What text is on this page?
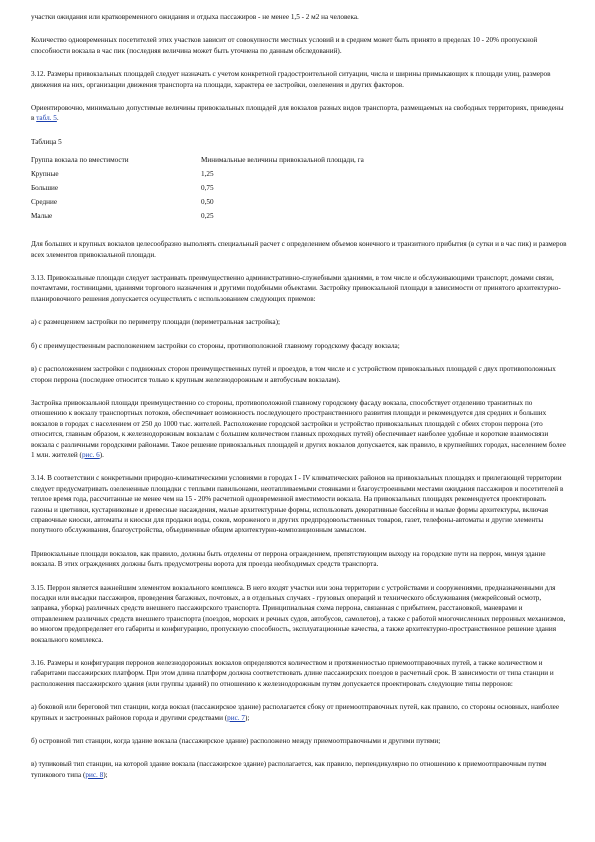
участки ожидания или кратковременного ожидания и отдыха пассажиров - не менее 1,5 - 2 м2 на человека.

Количество одновременных посетителей этих участков зависит от совокупности местных условий и в среднем может быть принято в пределах 10 - 20% пропускной способности вокзала в час пик (последняя величина может быть уточнена по данным обследований).

3.12. Размеры привокзальных площадей следует назначать с учетом конкретной градостроительной ситуации, числа и ширины примыкающих к площади улиц, размеров движения на них, организации движения транспорта на площади, характера ее застройки, озеленения и других факторов.

Ориентировочно, минимально допустимые величины привокзальных площадей для вокзалов разных видов транспорта, размещаемых на свободных территориях, приведены в табл. 5.

Таблица 5

Группа вокзала по вместимости	Минимальные величины привокзальной площади, га
Крупные	1,25
Большие	0,75
Средние	0,50
Малые	0,25

Для больших и крупных вокзалов целесообразно выполнять специальный расчет с определением объемов конечного и транзитного прибытия (в сутки и в час пик) и размеров всех элементов привокзальной площади.

3.13. Привокзальные площади следует застраивать преимущественно административно-служебными зданиями, в том числе и обслуживающими транспорт, домами связи, почтамтами, гостиницами, зданиями торгового назначения и другими подобными объектами. Застройку привокзальной площади в зависимости от принятого архитектурно-планировочного решения допускается осуществлять с использованием следующих приемов:

а) с размещением застройки по периметру площади (периметральная застройка);

б) с преимущественным расположением застройки со стороны, противоположной главному городскому фасаду вокзала;

в) с расположением застройки с подвижных сторон преимущественных путей и проездов, в том числе и с устройством привокзальных площадей с двух противоположных сторон перрона (последнее относится только к крупным железнодорожным и автобусным вокзалам).

Застройка привокзальной площади преимущественно со стороны, противоположной главному городскому фасаду вокзала, способствует отделению транзитных по отношению к вокзалу транспортных потоков, обеспечивает возможность последующего пространственного развития площади и рекомендуется для средних и больших вокзалов в городах с населением от 250 до 1000 тыс. жителей. Расположение городской застройки и устройство привокзальных площадей с обеих сторон перрона (это относится, главным образом, к железнодорожным вокзалам с большим количеством главных проходных путей) обеспечивает наиболее удобные и короткие взаимосвязи вокзала с различными городскими районами. Такое решение привокзальных площадей и других вокзалов допускается, как правило, в крупнейших городах, населением более 1 млн. жителей (рис. 6).

3.14. В соответствии с конкретными природно-климатическими условиями в городах I - IV климатических районов на привокзальных площадях и прилегающей территории следует предусматривать озелененные площадки с теплыми павильонами, неотапливаемыми стоянками и благоустроенными местами ожидания пассажиров и посетителей в теплое время года, рассчитанные не менее чем на 15 - 20% расчетной одновременной вместимости вокзала. На привокзальных площадях рекомендуется проектировать газоны и цветники, кустарниковые и древесные насаждения, малые архитектурные формы, использовать декоративные бассейны и малые формы архитектуры, включая справочные киоски, автоматы и киоски для продажи воды, соков, мороженого и других предпродовольственных товаров, газет, телефоны-автоматы и другие элементы попутного обслуживания, благоустройства, объединенные общим архитектурно-композиционным замыслом.

Привокзальные площади вокзалов, как правило, должны быть отделены от перрона ограждением, препятствующим выходу на городские пути на перрон, минуя здание вокзала. В этих ограждениях должны быть предусмотрены ворота для проезда необходимых средств транспорта.

3.15. Перрон является важнейшим элементом вокзального комплекса. В него входят участки или зона территории с устройствами и сооружениями, предназначенными для посадки или высадки пассажиров, проведения багажных, почтовых, а в отдельных случаях - грузовых операций и технического обслуживания (межрейсовый осмотр, заправка, уборка) различных средств внешнего пассажирского транспорта. Принципиальная схема перрона, связанная с прибытием, расстановкой, маневрами и отправлением различных средств внешнего транспорта (поездов, морских и речных судов, автобусов, самолетов), а также с работой многочисленных перронных механизмов, во многом предопределяет его габариты и конфигурацию, пропускную способность, эксплуатационные качества, а также архитектурно-пространственное решение здания вокзального комплекса.

3.16. Размеры и конфигурация перронов железнодорожных вокзалов определяются количеством и протяженностью приемоотправочных путей, а также количеством и габаритами пассажирских платформ. При этом длина платформ должна соответствовать длине пассажирских поездов в расчетный срок. В зависимости от типа станции и расположения пассажирского здания (или группы зданий) по отношению к железнодорожным путям допускается проектировать следующие типы перронов:

а) боковой или береговой тип станции, когда вокзал (пассажирское здание) располагается сбоку от приемоотправочных путей, как правило, со стороны основных, наиболее крупных и застроенных районов города и другими средствами (рис. 7);

б) островной тип станции, когда здание вокзала (пассажирское здание) расположено между приемоотправочными и другими путями;

в) тупиковый тип станции, на которой здание вокзала (пассажирское здание) располагается, как правило, перпендикулярно по отношению к приемоотправочным путям тупикового типа (рис. 8);
